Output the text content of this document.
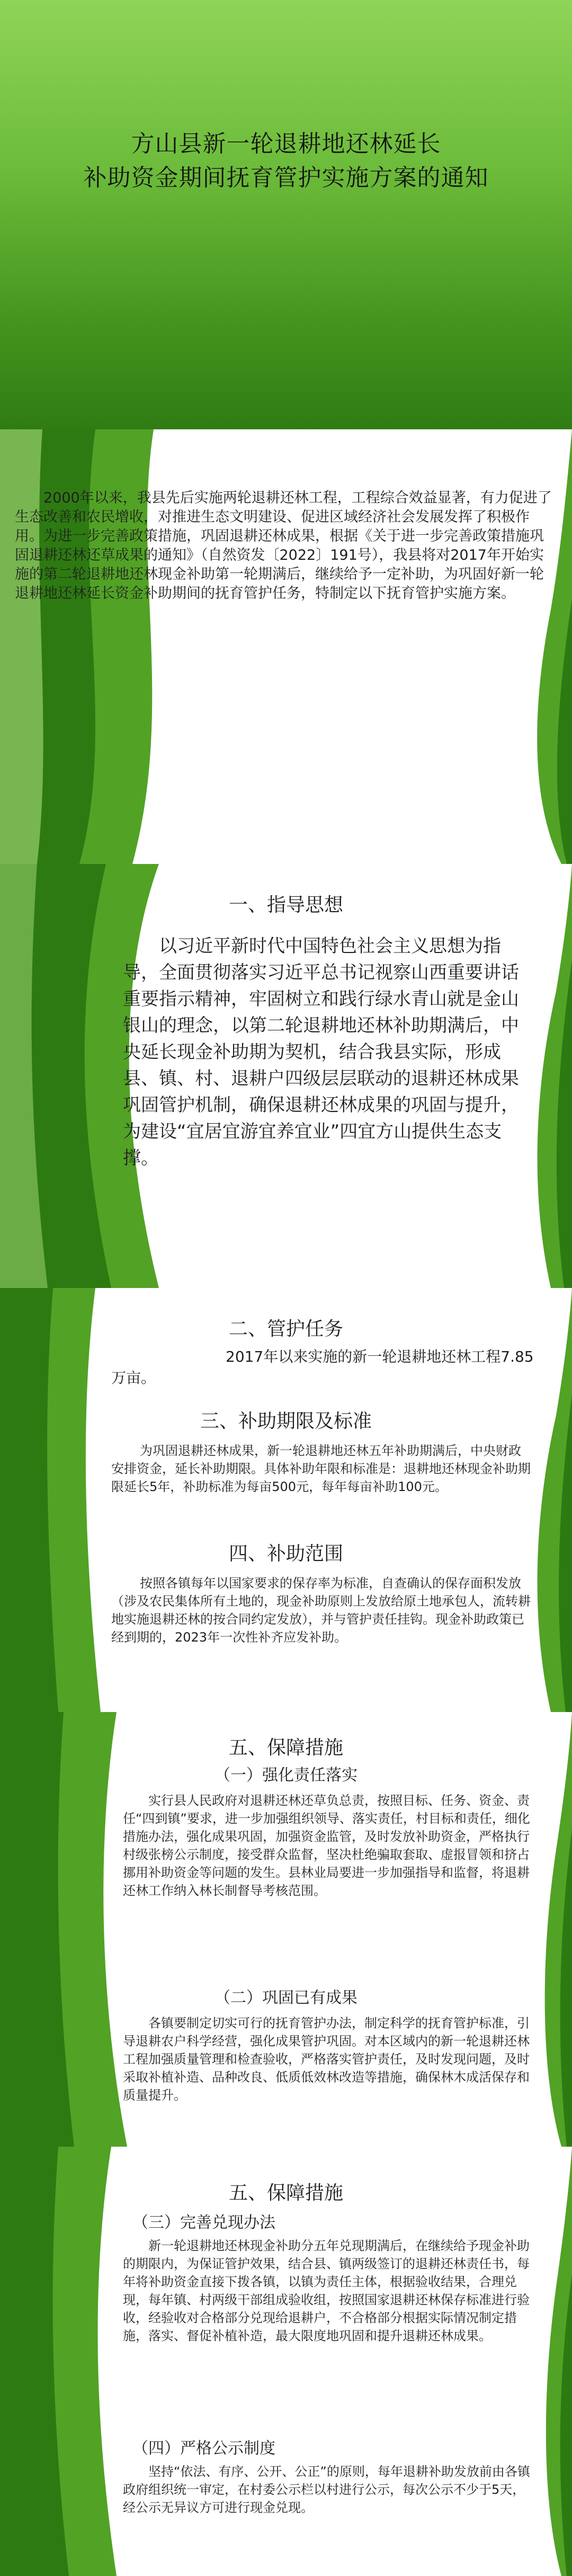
方山县新一轮退耕地还林延长
补助资金期间抚育管护实施方案的通知
2000年以来，我县先后实施两轮退耕还林工程，工程综合效益显著，有力促进了生态改善和农民增收，对推进生态文明建设、促进区域经济社会发展发挥了积极作用。为进一步完善政策措施，巩固退耕还林成果，根据《关于进一步完善政策措施巩固退耕还林还草成果的通知》（自然资发〔2022〕191号），我县将对2017年开始实施的第二轮退耕地还林现金补助第一轮期满后，继续给予一定补助，为巩固好新一轮退耕地还林延长资金补助期间的抚育管护任务，特制定以下抚育管护实施方案。
一、指导思想
以习近平新时代中国特色社会主义思想为指导，全面贯彻落实习近平总书记视察山西重要讲话重要指示精神，牢固树立和践行绿水青山就是金山银山的理念，以第二轮退耕地还林补助期满后，中央延长现金补助期为契机，结合我县实际，形成县、镇、村、退耕户四级层层联动的退耕还林成果巩固管护机制，确保退耕还林成果的巩固与提升，为建设“宜居宜游宜养宜业”四宜方山提供生态支撑。
二、管护任务
2017年以来实施的新一轮退耕地还林工程7.85万亩。
三、补助期限及标准
为巩固退耕还林成果，新一轮退耕地还林五年补助期满后，中央财政安排资金，延长补助期限。具体补助年限和标准是：退耕地还林现金补助期限延长5年，补助标准为每亩500元，每年每亩补助100元。
四、补助范围
按照各镇每年以国家要求的保存率为标准，自查确认的保存面积发放（涉及农民集体所有土地的，现金补助原则上发放给原土地承包人，流转耕地实施退耕还林的按合同约定发放），并与管护责任挂钩。现金补助政策已经到期的，2023年一次性补齐应发补助。
五、保障措施
（一）强化责任落实
实行县人民政府对退耕还林还草负总责，按照目标、任务、资金、责任“四到镇”要求，进一步加强组织领导、落实责任，村目标和责任，细化措施办法，强化成果巩固，加强资金监管，及时发放补助资金，严格执行村级张榜公示制度，接受群众监督，坚决杜绝骗取套取、虚报冒领和挤占挪用补助资金等问题的发生。县林业局要进一步加强指导和监督，将退耕还林工作纳入林长制督导考核范围。
（二）巩固已有成果
各镇要制定切实可行的抚育管护办法，制定科学的抚育管护标准，引导退耕农户科学经营，强化成果管护巩固。对本区域内的新一轮退耕还林工程加强质量管理和检查验收，严格落实管护责任，及时发现问题，及时采取补植补造、品种改良、低质低效林改造等措施，确保林木成活保存和质量提升。
五、保障措施
（三）完善兑现办法
新一轮退耕地还林现金补助分五年兑现期满后，在继续给予现金补助的期限内，为保证管护效果，结合县、镇两级签订的退耕还林责任书，每年将补助资金直接下拨各镇，以镇为责任主体，根据验收结果，合理兑现，每年镇、村两级干部组成验收组，按照国家退耕还林保存标准进行验收，经验收对合格部分兑现给退耕户，不合格部分根据实际情况制定措施，落实、督促补植补造，最大限度地巩固和提升退耕还林成果。
（四）严格公示制度
坚持“依法、有序、公开、公正”的原则，每年退耕补助发放前由各镇政府组织统一审定，在村委公示栏以村进行公示，每次公示不少于5天，经公示无异议方可进行现金兑现。
